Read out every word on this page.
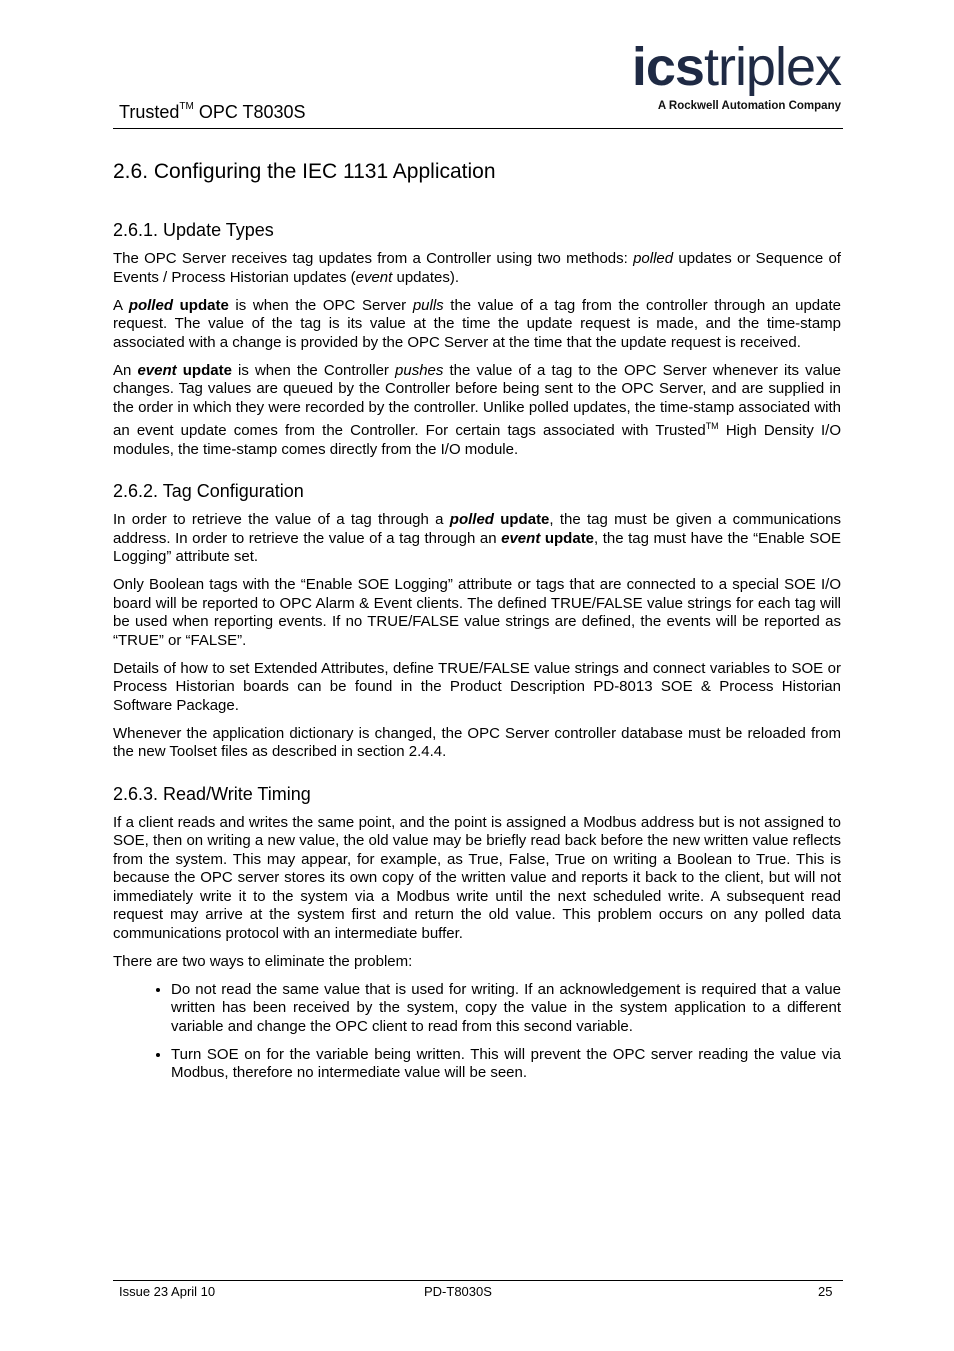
Trusted™ OPC T8030S
icstriplex
A Rockwell Automation Company
2.6. Configuring the IEC 1131 Application
2.6.1. Update Types

The OPC Server receives tag updates from a Controller using two methods: polled updates or Sequence of Events / Process Historian updates (event updates).

A polled update is when the OPC Server pulls the value of a tag from the controller through an update request. The value of the tag is its value at the time the update request is made, and the time-stamp associated with a change is provided by the OPC Server at the time that the update request is received.

An event update is when the Controller pushes the value of a tag to the OPC Server whenever its value changes. Tag values are queued by the Controller before being sent to the OPC Server, and are supplied in the order in which they were recorded by the controller. Unlike polled updates, the time-stamp associated with an event update comes from the Controller. For certain tags associated with Trusted™ High Density I/O modules, the time-stamp comes directly from the I/O module.

2.6.2. Tag Configuration

In order to retrieve the value of a tag through a polled update, the tag must be given a communications address. In order to retrieve the value of a tag through an event update, the tag must have the “Enable SOE Logging” attribute set.

Only Boolean tags with the “Enable SOE Logging” attribute or tags that are connected to a special SOE I/O board will be reported to OPC Alarm & Event clients. The defined TRUE/FALSE value strings for each tag will be used when reporting events. If no TRUE/FALSE value strings are defined, the events will be reported as “TRUE” or “FALSE”.

Details of how to set Extended Attributes, define TRUE/FALSE value strings and connect variables to SOE or Process Historian boards can be found in the Product Description PD-8013 SOE & Process Historian Software Package.

Whenever the application dictionary is changed, the OPC Server controller database must be reloaded from the new Toolset files as described in section 2.4.4.

2.6.3. Read/Write Timing

If a client reads and writes the same point, and the point is assigned a Modbus address but is not assigned to SOE, then on writing a new value, the old value may be briefly read back before the new written value reflects from the system. This may appear, for example, as True, False, True on writing a Boolean to True. This is because the OPC server stores its own copy of the written value and reports it back to the client, but will not immediately write it to the system via a Modbus write until the next scheduled write. A subsequent read request may arrive at the system first and return the old value. This problem occurs on any polled data communications protocol with an intermediate buffer.

There are two ways to eliminate the problem:

• Do not read the same value that is used for writing. If an acknowledgement is required that a value written has been received by the system, copy the value in the system application to a different variable and change the OPC client to read from this second variable.
• Turn SOE on for the variable being written. This will prevent the OPC server reading the value via Modbus, therefore no intermediate value will be seen.
Issue 23 April 10	PD-T8030S	25
